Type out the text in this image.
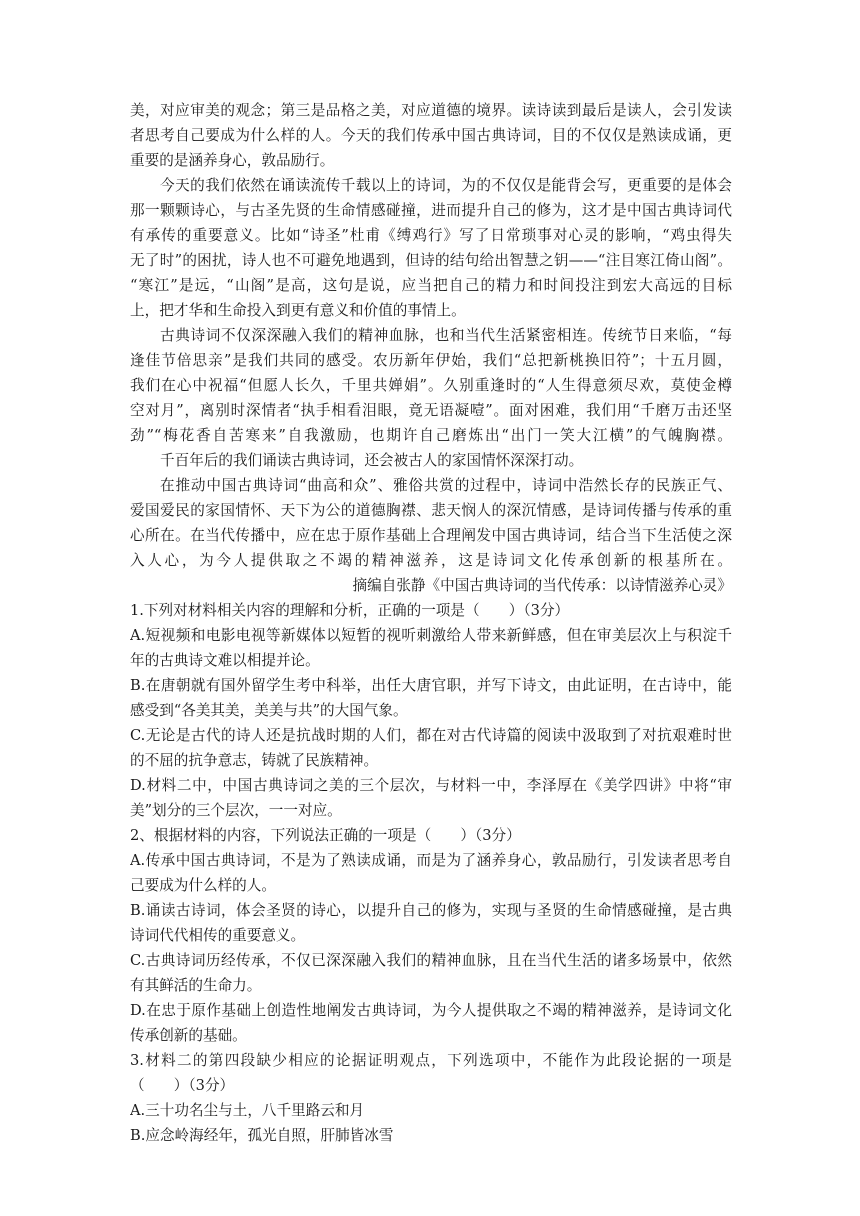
美，对应审美的观念；第三是品格之美，对应道德的境界。读诗读到最后是读人，会引发读
者思考自己要成为什么样的人。今天的我们传承中国古典诗词，目的不仅仅是熟读成诵，更
重要的是涵养身心，敦品励行。
今天的我们依然在诵读流传千载以上的诗词，为的不仅仅是能背会写，更重要的是体会
那一颗颗诗心，与古圣先贤的生命情感碰撞，进而提升自己的修为，这才是中国古典诗词代
有承传的重要意义。比如“诗圣”杜甫《缚鸡行》写了日常琐事对心灵的影响，“鸡虫得失
无了时”的困扰，诗人也不可避免地遇到，但诗的结句给出智慧之钥——“注目寒江倚山阁”。
“寒江”是远，“山阁”是高，这句是说，应当把自己的精力和时间投注到宏大高远的目标
上，把才华和生命投入到更有意义和价值的事情上。
古典诗词不仅深深融入我们的精神血脉，也和当代生活紧密相连。传统节日来临，“每
逢佳节倍思亲”是我们共同的感受。农历新年伊始，我们“总把新桃换旧符”；十五月圆，
我们在心中祝福“但愿人长久，千里共婵娟”。久别重逢时的“人生得意须尽欢，莫使金樽
空对月”，离别时深情者“执手相看泪眼，竟无语凝噎”。面对困难，我们用“千磨万击还坚
劲”“梅花香自苦寒来”自我激励，也期许自己磨炼出“出门一笑大江横”的气魄胸襟。
千百年后的我们诵读古典诗词，还会被古人的家国情怀深深打动。
在推动中国古典诗词“曲高和众”、雅俗共赏的过程中，诗词中浩然长存的民族正气、
爱国爱民的家国情怀、天下为公的道德胸襟、悲天悯人的深沉情感，是诗词传播与传承的重
心所在。在当代传播中，应在忠于原作基础上合理阐发中国古典诗词，结合当下生活使之深
入人心，为今人提供取之不竭的精神滋养，这是诗词文化传承创新的根基所在。
摘编自张静《中国古典诗词的当代传承：以诗情滋养心灵》
1.下列对材料相关内容的理解和分析，正确的一项是（　　）（3分）
A.短视频和电影电视等新媒体以短暂的视听刺激给人带来新鲜感，但在审美层次上与积淀千
年的古典诗文难以相提并论。
B.在唐朝就有国外留学生考中科举，出任大唐官职，并写下诗文，由此证明，在古诗中，能
感受到“各美其美，美美与共”的大国气象。
C.无论是古代的诗人还是抗战时期的人们，都在对古代诗篇的阅读中汲取到了对抗艰难时世
的不屈的抗争意志，铸就了民族精神。
D.材料二中，中国古典诗词之美的三个层次，与材料一中，李泽厚在《美学四讲》中将“审
美”划分的三个层次，一一对应。
2、根据材料的内容，下列说法正确的一项是（　　）（3分）
A.传承中国古典诗词，不是为了熟读成诵，而是为了涵养身心，敦品励行，引发读者思考自
己要成为什么样的人。
B.诵读古诗词，体会圣贤的诗心，以提升自己的修为，实现与圣贤的生命情感碰撞，是古典
诗词代代相传的重要意义。
C.古典诗词历经传承，不仅已深深融入我们的精神血脉，且在当代生活的诸多场景中，依然
有其鲜活的生命力。
D.在忠于原作基础上创造性地阐发古典诗词，为今人提供取之不竭的精神滋养，是诗词文化
传承创新的基础。
3.材料二的第四段缺少相应的论据证明观点，下列选项中，不能作为此段论据的一项是
（　　）（3分）
A.三十功名尘与土，八千里路云和月
B.应念岭海经年，孤光自照，肝肺皆冰雪
